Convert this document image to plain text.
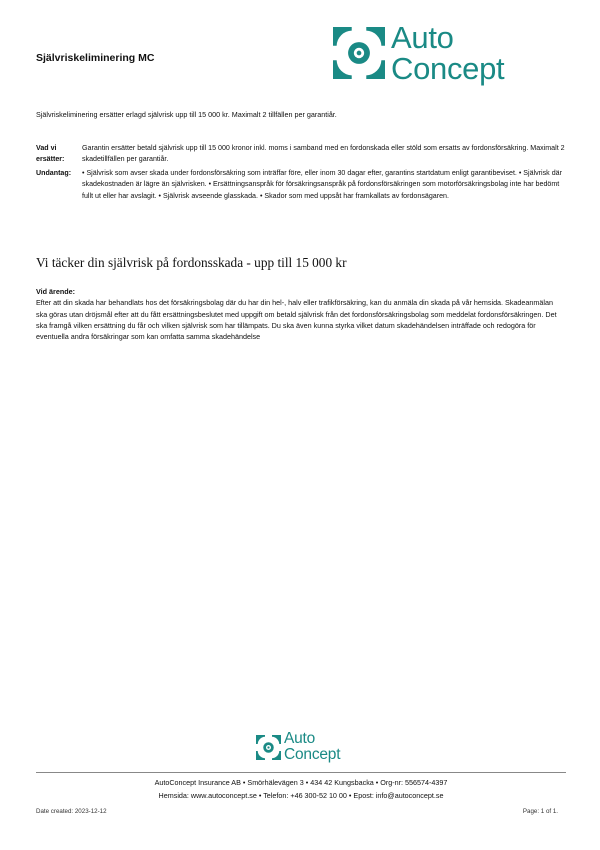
Självriskeliminering MC
Auto
Concept

Självriskeliminering ersätter erlagd självrisk upp till 15 000 kr. Maximalt 2 tillfällen per garantiår.

Vad vi ersätter:
Garantin ersätter betald självrisk upp till 15 000 kronor inkl. moms i samband med en fordonskada eller stöld som ersatts av fordonsförsäkring. Maximalt 2 skadetillfällen per garantiår.
Undantag:	• Självrisk som avser skada under fordonsförsäkring som inträffar före, eller inom 30 dagar efter, garantins startdatum enligt garantibeviset. • Självrisk där skadekostnaden är lägre än självrisken. • Ersättningsanspråk för försäkringsanspråk på fordonsförsäkringen som motorförsäkringsbolag inte har bedömt fullt ut eller har avslagit. • Självrisk avseende glasskada. • Skador som med uppsåt har framkallats av fordonsägaren.
Vi täcker din självrisk på fordonsskada - upp till 15 000 kr
Vid ärende:
Efter att din skada har behandlats hos det försäkringsbolag där du har din hel-, halv eller trafikförsäkring, kan du anmäla din skada på vår hemsida. Skadeanmälan ska göras utan dröjsmål efter att du fått ersättningsbeslutet med uppgift om betald självrisk från det fordonsförsäkringsbolag som meddelat fordonsförsäkringen. Det ska framgå vilken ersättning du får och vilken självrisk som har tillämpats. Du ska även kunna styrka vilket datum skadehändelsen inträffade och redogöra för eventuella andra försäkringar som kan omfatta samma skadehändelse
Auto
Concept

AutoConcept Insurance AB • Smörhälevägen 3 • 434 42 Kungsbacka • Org-nr: 556574-4397

Hemsida: www.autoconcept.se • Telefon: +46 300-52 10 00 • Epost: info@autoconcept.se

Date created: 2023-12-12	Page: 1 of 1.
